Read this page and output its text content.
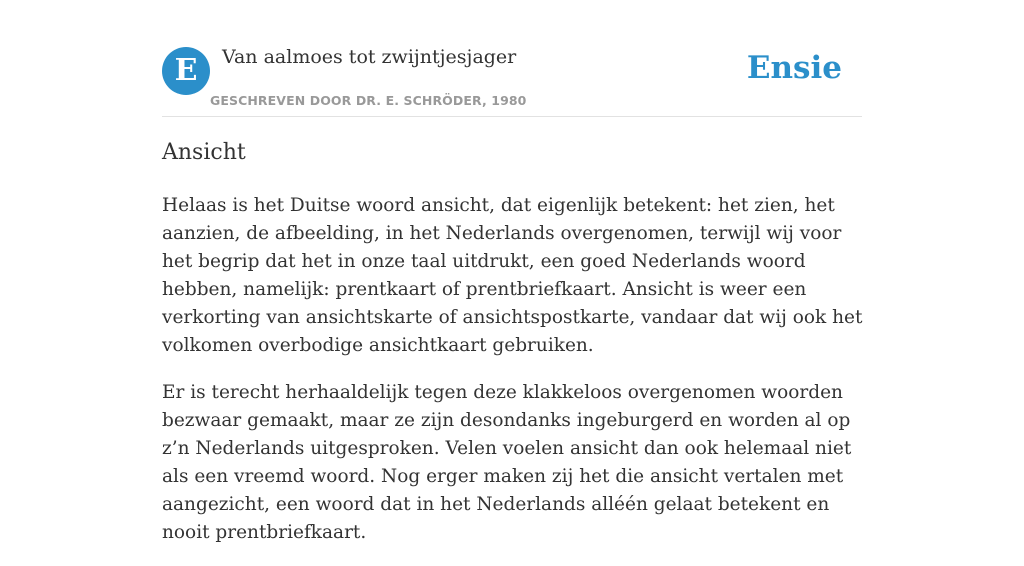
E	Van aalmoes tot zwijntjesjager
GESCHREVEN DOOR DR. E. SCHRÖDER, 1980
Ensie
Ansicht

Helaas is het Duitse woord ansicht, dat eigenlijk betekent: het zien, het aanzien, de afbeelding, in het Nederlands overgenomen, terwijl wij voor het begrip dat het in onze taal uitdrukt, een goed Nederlands woord hebben, namelijk: prentkaart of prentbriefkaart. Ansicht is weer een verkorting van ansichtskarte of ansichtspostkarte, vandaar dat wij ook het volkomen overbodige ansichtkaart gebruiken.

Er is terecht herhaaldelijk tegen deze klakkeloos overgenomen woorden bezwaar gemaakt, maar ze zijn desondanks ingeburgerd en worden al op z’n Nederlands uitgesproken. Velen voelen ansicht dan ook helemaal niet als een vreemd woord. Nog erger maken zij het die ansicht vertalen met aangezicht, een woord dat in het Nederlands alléén gelaat betekent en nooit prentbriefkaart.
